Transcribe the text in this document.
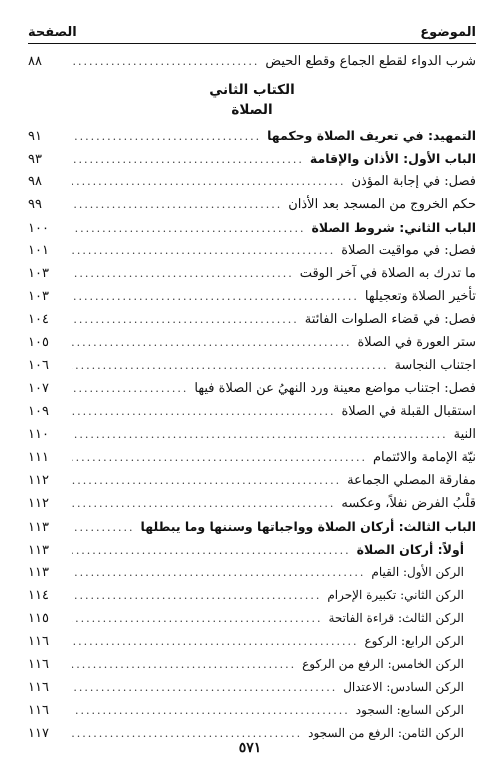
الموضوع
الصفحة
شرب الدواء لقطع الجماع وقطع الحيض
.....
٨٨
الكتاب الثاني
الصلاة
التمهيد: في تعريف الصلاة وحكمها
.....
٩١
الباب الأول: الأذان والإقامة
.....
٩٣
فصل: في إجابة المؤذن
.....
٩٨
حكم الخروج من المسجد بعد الأذان
.....
٩٩
الباب الثاني: شروط الصلاة
.....
١٠٠
فصل: في مواقيت الصلاة
.....
١٠١
ما تدرك به الصلاة في آخر الوقت
.....
١٠٣
تأخير الصلاة وتعجيلها
.....
١٠٣
فصل: في قضاء الصلوات الفائتة
.....
١٠٤
ستر العورة في الصلاة
.....
١٠٥
اجتناب النجاسة
.....
١٠٦
فصل: اجتناب مواضع معينة ورد النهيُ عن الصلاة فيها
.....
١٠٧
استقبال القبلة في الصلاة
.....
١٠٩
النية
.....
١١٠
نيّة الإمامة والائتمام
.....
١١١
مفارقة المصلي الجماعة
.....
١١٢
قلْبُ الفرض نفلاً، وعكسه
.....
١١٢
الباب الثالث: أركان الصلاة وواجباتها وسننها وما يبطلها
.....
١١٣
أولاً: أركان الصلاة
.....
١١٣
الركن الأول: القيام
.....
١١٣
الركن الثاني: تكبيرة الإحرام
.....
١١٤
الركن الثالث: قراءة الفاتحة
.....
١١٥
الركن الرابع: الركوع
.....
١١٦
الركن الخامس: الرفع من الركوع
.....
١١٦
الركن السادس: الاعتدال
.....
١١٦
الركن السابع: السجود
.....
١١٦
الركن الثامن: الرفع من السجود
.....
١١٧
٥٧١
